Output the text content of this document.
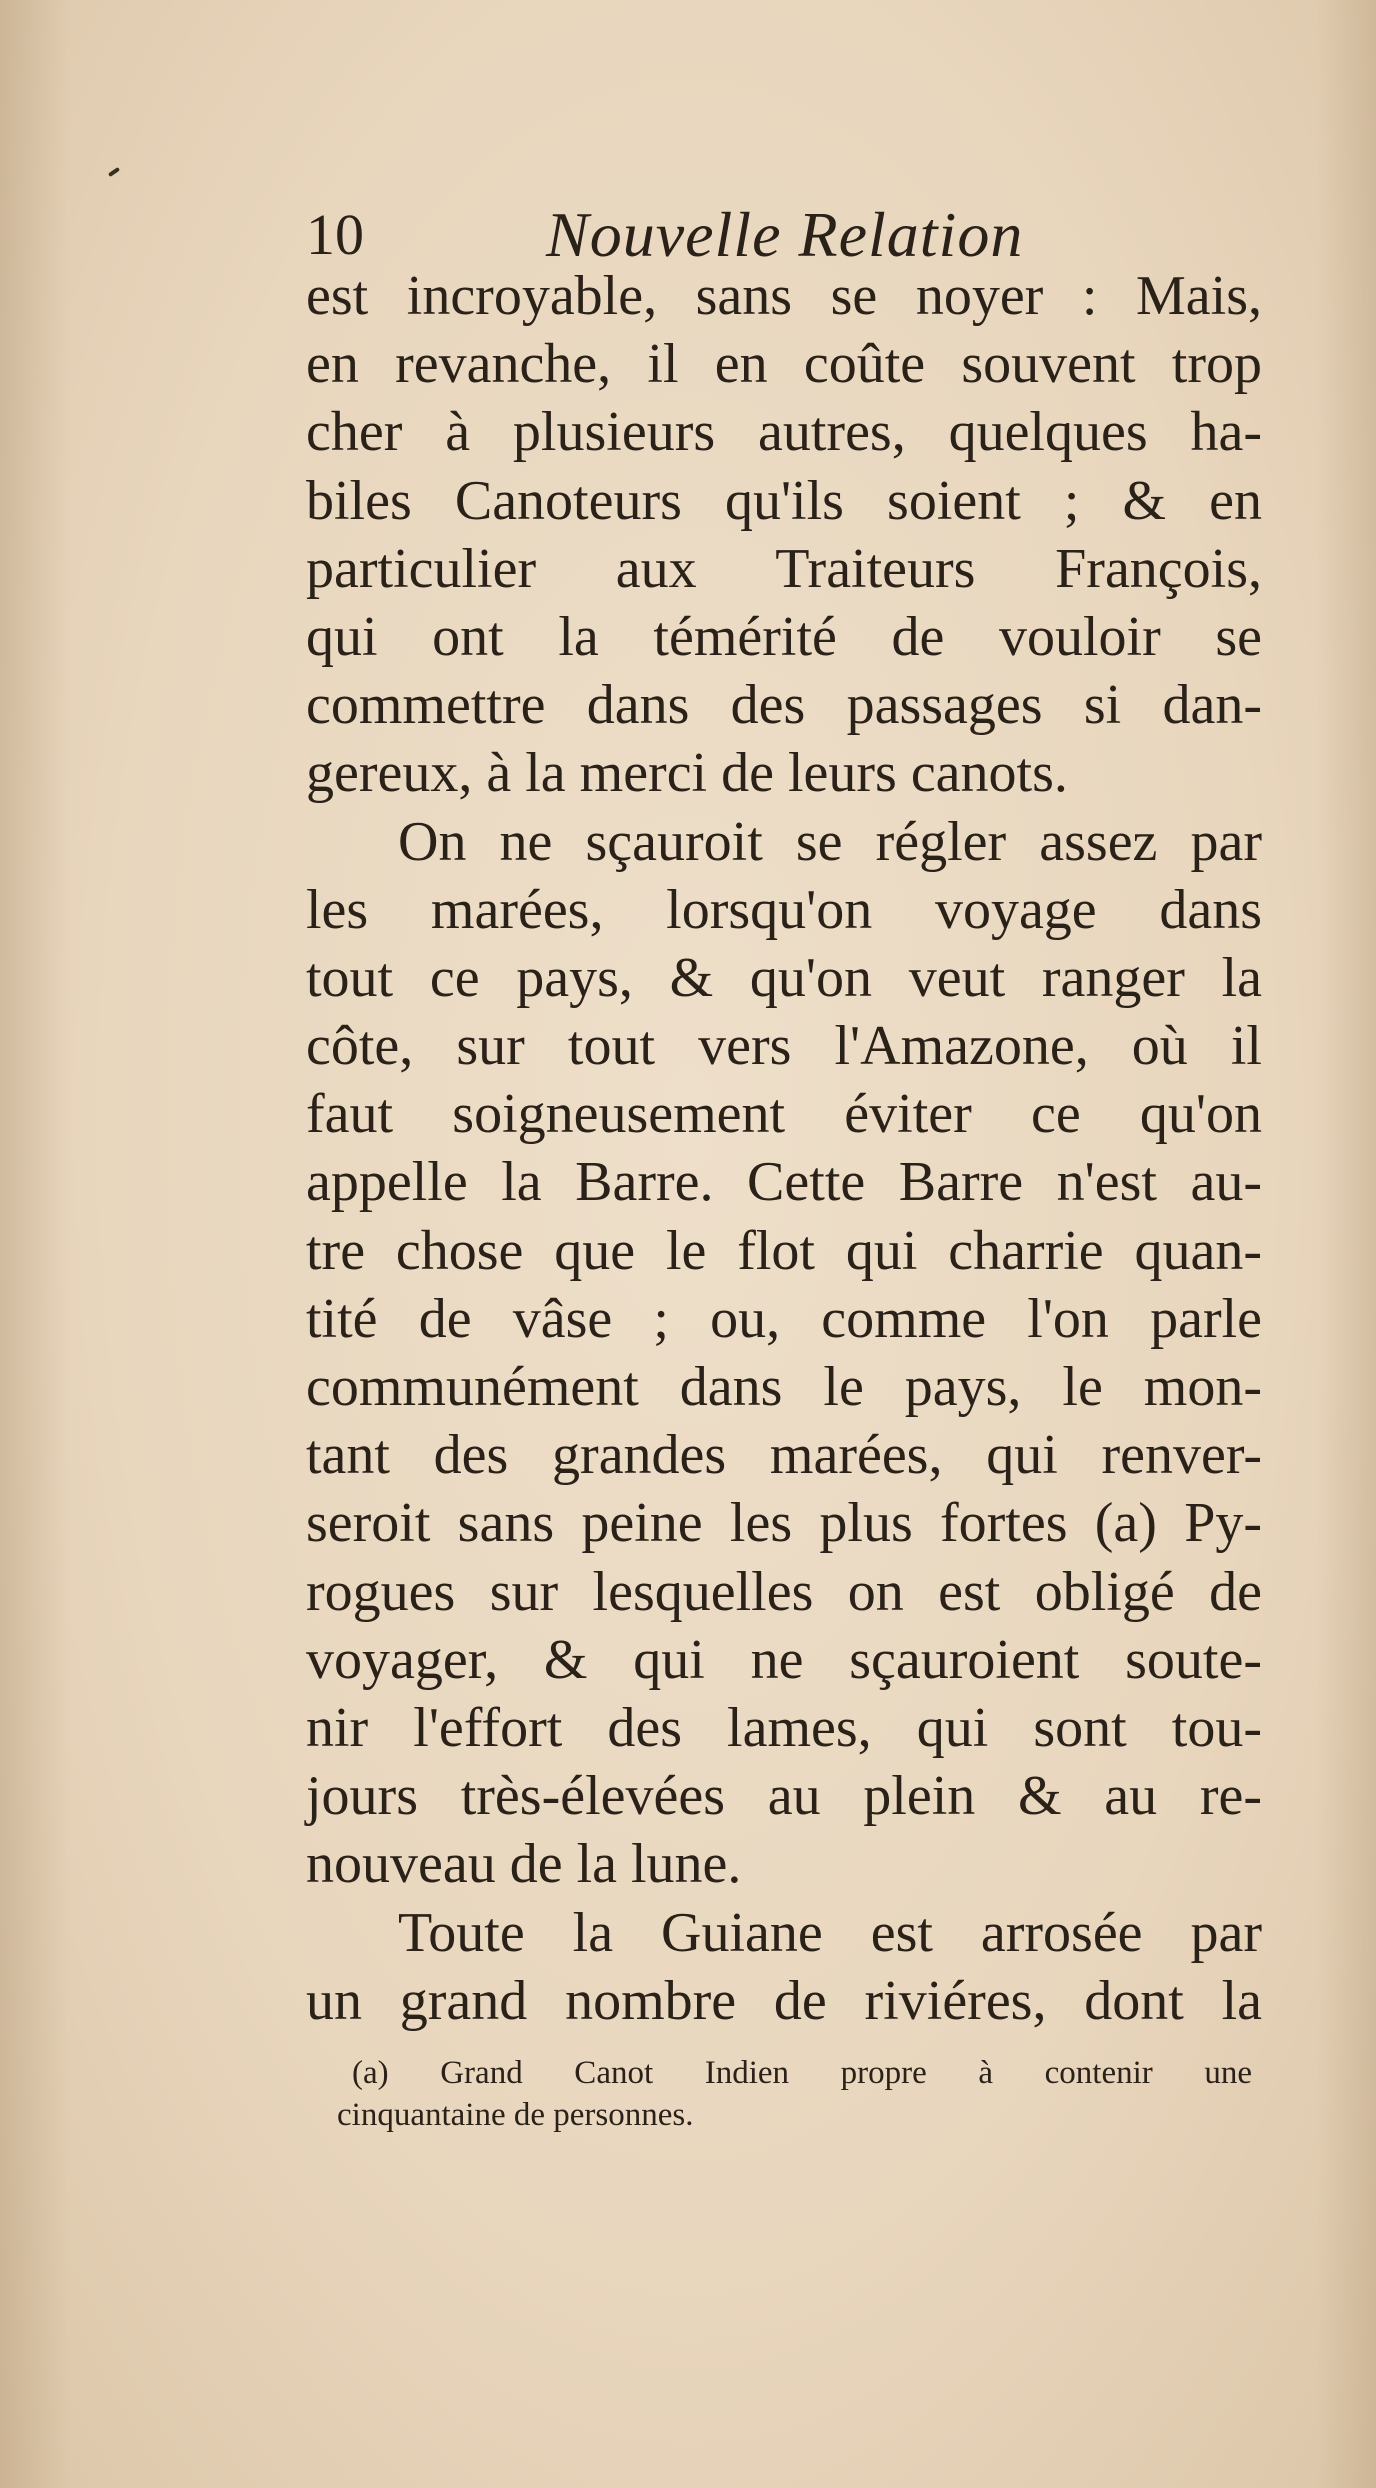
10	Nouvelle Relation
est incroyable, sans se noyer : Mais,
en revanche, il en coûte souvent trop
cher à plusieurs autres, quelques ha-
biles Canoteurs qu'ils soient ; & en
particulier aux Traiteurs François,
qui ont la témérité de vouloir se
commettre dans des passages si dan-
gereux, à la merci de leurs canots.
On ne sçauroit se régler assez par
les marées, lorsqu'on voyage dans
tout ce pays, & qu'on veut ranger la
côte, sur tout vers l'Amazone, où il
faut soigneusement éviter ce qu'on
appelle la Barre. Cette Barre n'est au-
tre chose que le flot qui charrie quan-
tité de vâse ; ou, comme l'on parle
communément dans le pays, le mon-
tant des grandes marées, qui renver-
seroit sans peine les plus fortes (a) Py-
rogues sur lesquelles on est obligé de
voyager, & qui ne sçauroient soute-
nir l'effort des lames, qui sont tou-
jours très-élevées au plein & au re-
nouveau de la lune.
Toute la Guiane est arrosée par
un grand nombre de riviéres, dont la
(a) Grand Canot Indien propre à contenir une
cinquantaine de personnes.
